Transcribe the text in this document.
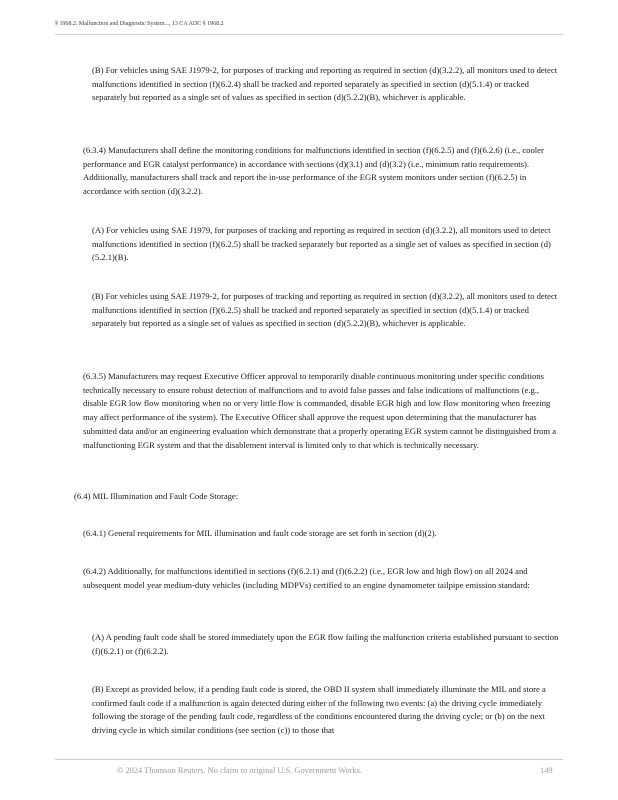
§ 1968.2. Malfunction and Diagnostic System..., 13 CA ADC § 1968.2

(B) For vehicles using SAE J1979-2, for purposes of tracking and reporting as required in section (d)(3.2.2), all monitors used to detect malfunctions identified in section (f)(6.2.4) shall be tracked and reported separately as specified in section (d)(5.1.4) or tracked separately but reported as a single set of values as specified in section (d)(5.2.2)(B), whichever is applicable.

(6.3.4) Manufacturers shall define the monitoring conditions for malfunctions identified in section (f)(6.2.5) and (f)(6.2.6) (i.e., cooler performance and EGR catalyst performance) in accordance with sections (d)(3.1) and (d)(3.2) (i.e., minimum ratio requirements). Additionally, manufacturers shall track and report the in-use performance of the EGR system monitors under section (f)(6.2.5) in accordance with section (d)(3.2.2).

(A) For vehicles using SAE J1979, for purposes of tracking and reporting as required in section (d)(3.2.2), all monitors used to detect malfunctions identified in section (f)(6.2.5) shall be tracked separately but reported as a single set of values as specified in section (d)(5.2.1)(B).

(B) For vehicles using SAE J1979-2, for purposes of tracking and reporting as required in section (d)(3.2.2), all monitors used to detect malfunctions identified in section (f)(6.2.5) shall be tracked and reported separately as specified in section (d)(5.1.4) or tracked separately but reported as a single set of values as specified in section (d)(5.2.2)(B), whichever is applicable.

(6.3.5) Manufacturers may request Executive Officer approval to temporarily disable continuous monitoring under specific conditions technically necessary to ensure robust detection of malfunctions and to avoid false passes and false indications of malfunctions (e.g., disable EGR low flow monitoring when no or very little flow is commanded, disable EGR high and low flow monitoring when freezing may affect performance of the system). The Executive Officer shall approve the request upon determining that the manufacturer has submitted data and/or an engineering evaluation which demonstrate that a properly operating EGR system cannot be distinguished from a malfunctioning EGR system and that the disablement interval is limited only to that which is technically necessary.

(6.4) MIL Illumination and Fault Code Storage:

(6.4.1) General requirements for MIL illumination and fault code storage are set forth in section (d)(2).

(6.4.2) Additionally, for malfunctions identified in sections (f)(6.2.1) and (f)(6.2.2) (i.e., EGR low and high flow) on all 2024 and subsequent model year medium-duty vehicles (including MDPVs) certified to an engine dynamometer tailpipe emission standard:

(A) A pending fault code shall be stored immediately upon the EGR flow failing the malfunction criteria established pursuant to section (f)(6.2.1) or (f)(6.2.2).

(B) Except as provided below, if a pending fault code is stored, the OBD II system shall immediately illuminate the MIL and store a confirmed fault code if a malfunction is again detected during either of the following two events: (a) the driving cycle immediately following the storage of the pending fault code, regardless of the conditions encountered during the driving cycle; or (b) on the next driving cycle in which similar conditions (see section (c)) to those that

© 2024 Thomson Reuters. No claim to original U.S. Government Works.	149
